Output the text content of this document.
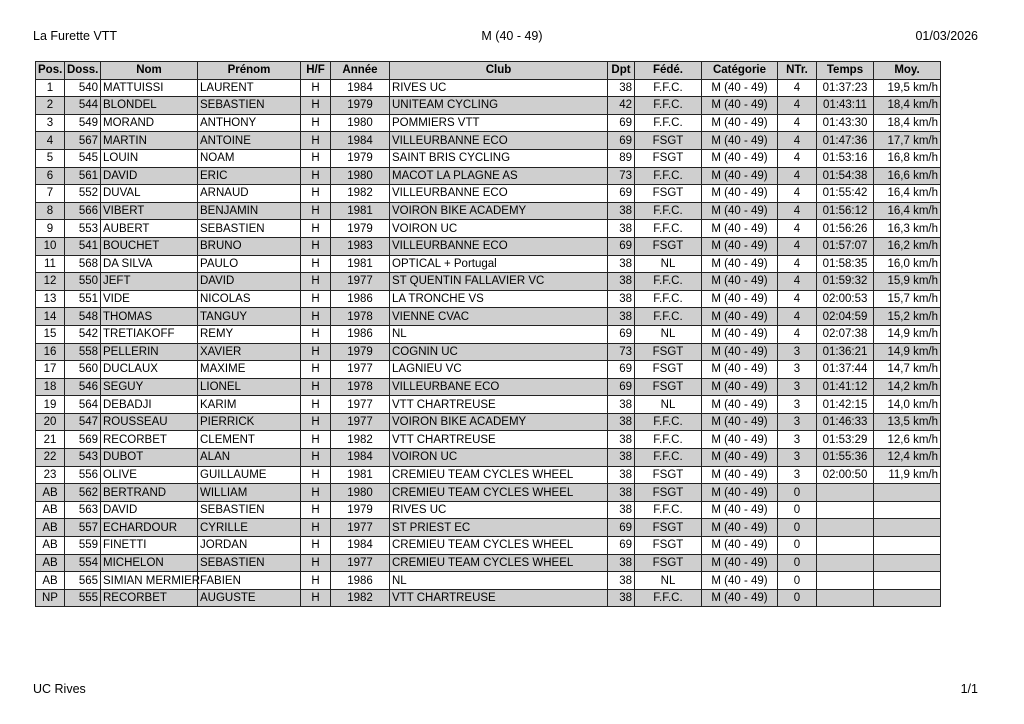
La Furette VTT	M (40 - 49)	01/03/2026
Pos.	Doss.	Nom	Prénom	H/F	Année	Club	Dpt	Fédé.	Catégorie	NTr.	Temps	Moy.
1	540	MATTUISSI	LAURENT	H	1984	RIVES UC	38	F.F.C.	M (40 - 49)	4	01:37:23	19,5 km/h
2	544	BLONDEL	SEBASTIEN	H	1979	UNITEAM CYCLING	42	F.F.C.	M (40 - 49)	4	01:43:11	18,4 km/h
3	549	MORAND	ANTHONY	H	1980	POMMIERS VTT	69	F.F.C.	M (40 - 49)	4	01:43:30	18,4 km/h
4	567	MARTIN	ANTOINE	H	1984	VILLEURBANNE ECO	69	FSGT	M (40 - 49)	4	01:47:36	17,7 km/h
5	545	LOUIN	NOAM	H	1979	SAINT BRIS CYCLING	89	FSGT	M (40 - 49)	4	01:53:16	16,8 km/h
6	561	DAVID	ERIC	H	1980	MACOT LA PLAGNE AS	73	F.F.C.	M (40 - 49)	4	01:54:38	16,6 km/h
7	552	DUVAL	ARNAUD	H	1982	VILLEURBANNE ECO	69	FSGT	M (40 - 49)	4	01:55:42	16,4 km/h
8	566	VIBERT	BENJAMIN	H	1981	VOIRON BIKE ACADEMY	38	F.F.C.	M (40 - 49)	4	01:56:12	16,4 km/h
9	553	AUBERT	SEBASTIEN	H	1979	VOIRON UC	38	F.F.C.	M (40 - 49)	4	01:56:26	16,3 km/h
10	541	BOUCHET	BRUNO	H	1983	VILLEURBANNE ECO	69	FSGT	M (40 - 49)	4	01:57:07	16,2 km/h
11	568	DA SILVA	PAULO	H	1981	OPTICAL + Portugal	38	NL	M (40 - 49)	4	01:58:35	16,0 km/h
12	550	JEFT	DAVID	H	1977	ST QUENTIN FALLAVIER VC	38	F.F.C.	M (40 - 49)	4	01:59:32	15,9 km/h
13	551	VIDE	NICOLAS	H	1986	LA TRONCHE VS	38	F.F.C.	M (40 - 49)	4	02:00:53	15,7 km/h
14	548	THOMAS	TANGUY	H	1978	VIENNE CVAC	38	F.F.C.	M (40 - 49)	4	02:04:59	15,2 km/h
15	542	TRETIAKOFF	REMY	H	1986	NL	69	NL	M (40 - 49)	4	02:07:38	14,9 km/h
16	558	PELLERIN	XAVIER	H	1979	COGNIN UC	73	FSGT	M (40 - 49)	3	01:36:21	14,9 km/h
17	560	DUCLAUX	MAXIME	H	1977	LAGNIEU VC	69	FSGT	M (40 - 49)	3	01:37:44	14,7 km/h
18	546	SEGUY	LIONEL	H	1978	VILLEURBANE ECO	69	FSGT	M (40 - 49)	3	01:41:12	14,2 km/h
19	564	DEBADJI	KARIM	H	1977	VTT CHARTREUSE	38	NL	M (40 - 49)	3	01:42:15	14,0 km/h
20	547	ROUSSEAU	PIERRICK	H	1977	VOIRON BIKE ACADEMY	38	F.F.C.	M (40 - 49)	3	01:46:33	13,5 km/h
21	569	RECORBET	CLEMENT	H	1982	VTT CHARTREUSE	38	F.F.C.	M (40 - 49)	3	01:53:29	12,6 km/h
22	543	DUBOT	ALAN	H	1984	VOIRON UC	38	F.F.C.	M (40 - 49)	3	01:55:36	12,4 km/h
23	556	OLIVE	GUILLAUME	H	1981	CREMIEU TEAM CYCLES WHEEL	38	FSGT	M (40 - 49)	3	02:00:50	11,9 km/h
AB	562	BERTRAND	WILLIAM	H	1980	CREMIEU TEAM CYCLES WHEEL	38	FSGT	M (40 - 49)	0		
AB	563	DAVID	SEBASTIEN	H	1979	RIVES UC	38	F.F.C.	M (40 - 49)	0		
AB	557	ECHARDOUR	CYRILLE	H	1977	ST PRIEST EC	69	FSGT	M (40 - 49)	0		
AB	559	FINETTI	JORDAN	H	1984	CREMIEU TEAM CYCLES WHEEL	69	FSGT	M (40 - 49)	0		
AB	554	MICHELON	SEBASTIEN	H	1977	CREMIEU TEAM CYCLES WHEEL	38	FSGT	M (40 - 49)	0		
AB	565	SIMIAN MERMIER	FABIEN	H	1986	NL	38	NL	M (40 - 49)	0		
NP	555	RECORBET	AUGUSTE	H	1982	VTT CHARTREUSE	38	F.F.C.	M (40 - 49)	0		
UC Rives	1/1
